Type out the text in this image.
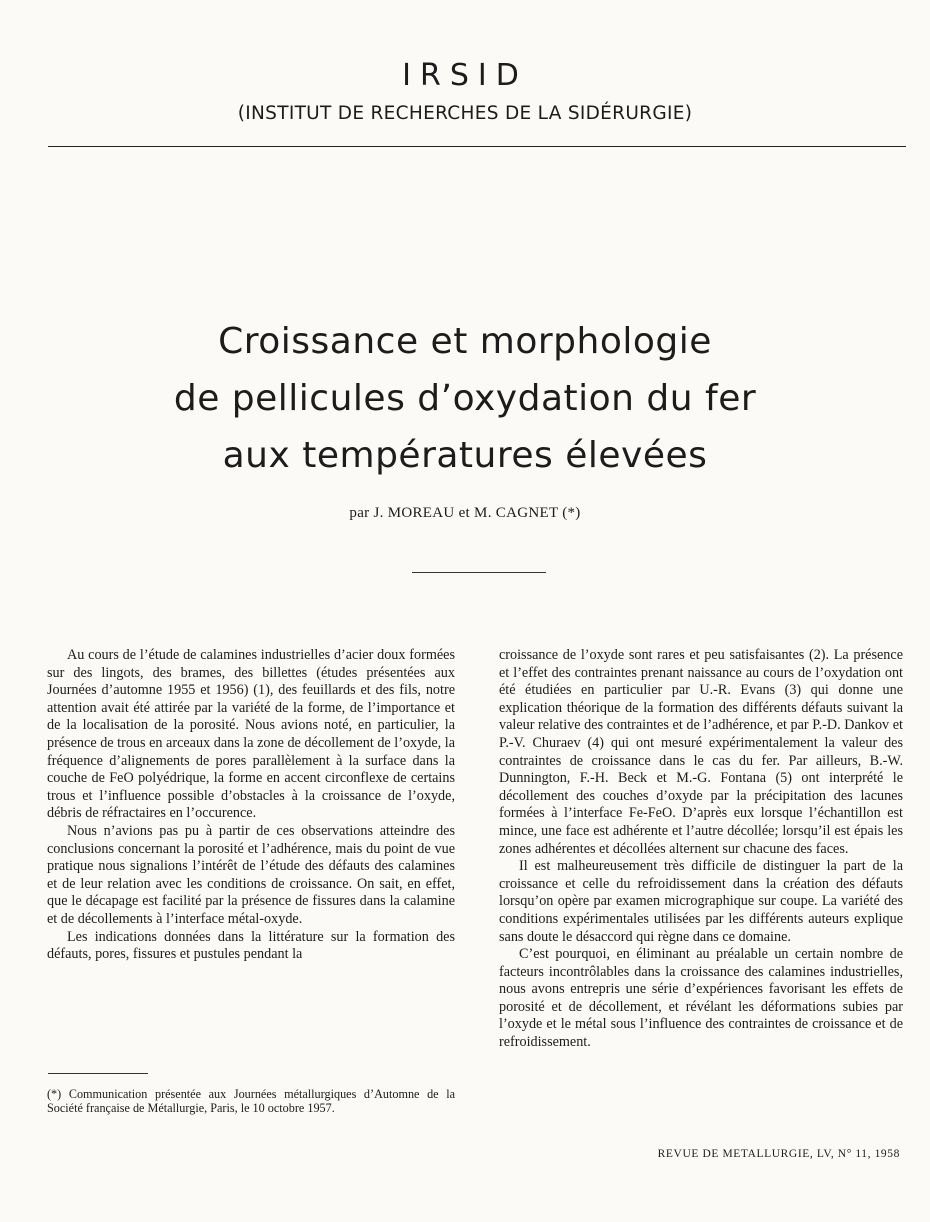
IRSID
(INSTITUT DE RECHERCHES DE LA SIDÉRURGIE)
Croissance et morphologie
de pellicules d’oxydation du fer
aux températures élevées
par J. MOREAU et M. CAGNET (*)

Au cours de l’étude de calamines industrielles d’acier doux formées sur des lingots, des brames, des billettes (études présentées aux Journées d’automne 1955 et 1956) (1), des feuillards et des fils, notre attention avait été attirée par la variété de la forme, de l’importance et de la localisation de la porosité. Nous avions noté, en particulier, la présence de trous en arceaux dans la zone de décollement de l’oxyde, la fréquence d’alignements de pores parallèlement à la surface dans la couche de FeO polyédrique, la forme en accent circonflexe de certains trous et l’influence possible d’obstacles à la croissance de l’oxyde, débris de réfractaires en l’occurence.

Nous n’avions pas pu à partir de ces observations atteindre des conclusions concernant la porosité et l’adhérence, mais du point de vue pratique nous signalions l’intérêt de l’étude des défauts des calamines et de leur relation avec les conditions de croissance. On sait, en effet, que le décapage est facilité par la présence de fissures dans la calamine et de décollements à l’interface métal-oxyde.

Les indications données dans la littérature sur la formation des défauts, pores, fissures et pustules pendant la

croissance de l’oxyde sont rares et peu satisfaisantes (2). La présence et l’effet des contraintes prenant naissance au cours de l’oxydation ont été étudiées en particulier par U.-R. Evans (3) qui donne une explication théorique de la formation des différents défauts suivant la valeur relative des contraintes et de l’adhérence, et par P.-D. Dankov et P.-V. Churaev (4) qui ont mesuré expérimentalement la valeur des contraintes de croissance dans le cas du fer. Par ailleurs, B.-W. Dunnington, F.-H. Beck et M.-G. Fontana (5) ont interprété le décollement des couches d’oxyde par la précipitation des lacunes formées à l’interface Fe-FeO. D’après eux lorsque l’échantillon est mince, une face est adhérente et l’autre décollée; lorsqu’il est épais les zones adhérentes et décollées alternent sur chacune des faces.

Il est malheureusement très difficile de distinguer la part de la croissance et celle du refroidissement dans la création des défauts lorsqu’on opère par examen micrographique sur coupe. La variété des conditions expérimentales utilisées par les différents auteurs explique sans doute le désaccord qui règne dans ce domaine.

C’est pourquoi, en éliminant au préalable un certain nombre de facteurs incontrôlables dans la croissance des calamines industrielles, nous avons entrepris une série d’expériences favorisant les effets de porosité et de décollement, et révélant les déformations subies par l’oxyde et le métal sous l’influence des contraintes de croissance et de refroidissement.

(*) Communication présentée aux Journées métallurgiques d’Automne de la Société française de Métallurgie, Paris, le 10 octobre 1957.

REVUE DE METALLURGIE, LV, N° 11, 1958
